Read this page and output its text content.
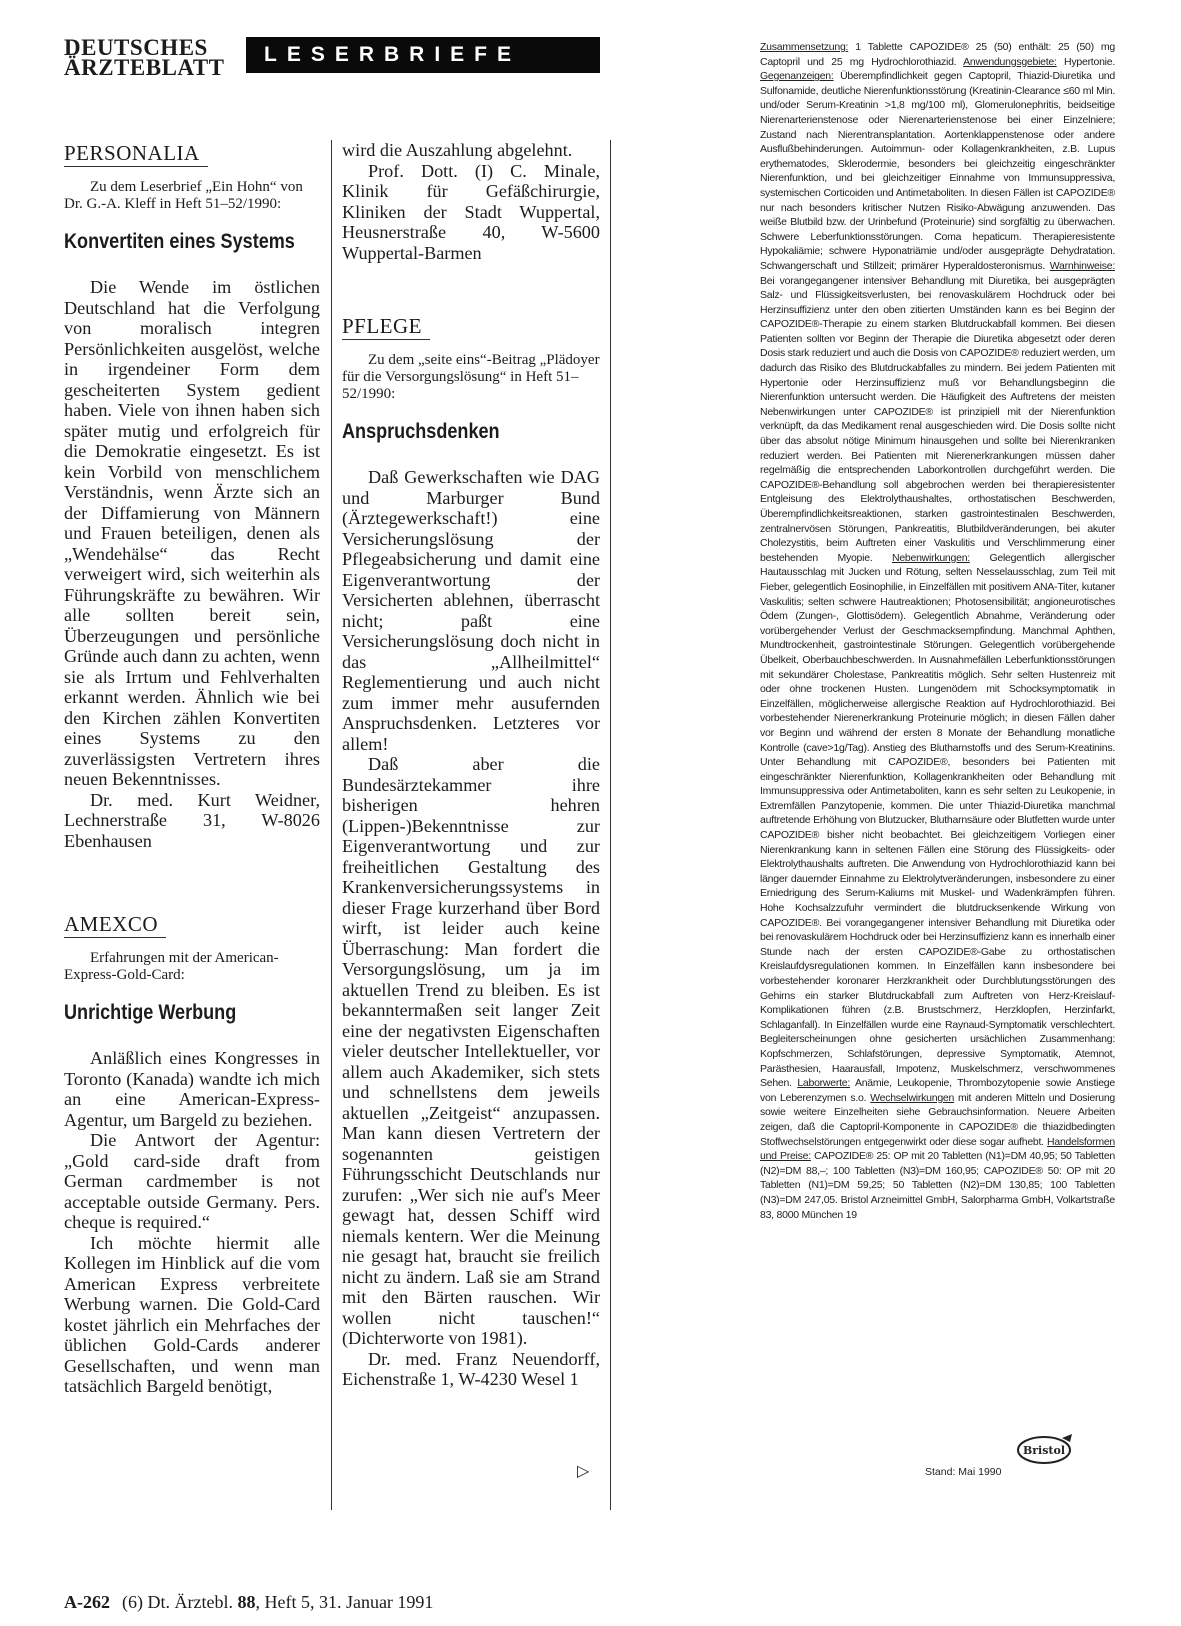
DEUTSCHES
ÄRZTEBLATT
LESERBRIEFE
PERSONALIA

Zu dem Leserbrief „Ein Hohn“ von Dr. G.-A. Kleff in Heft 51–52/1990:

Konvertiten eines Systems

Die Wende im östlichen Deutschland hat die Verfolgung von moralisch integren Persönlichkeiten ausgelöst, welche in irgendeiner Form dem gescheiterten System gedient haben. Viele von ihnen haben sich später mutig und erfolgreich für die Demokratie eingesetzt. Es ist kein Vorbild von menschlichem Verständnis, wenn Ärzte sich an der Diffamierung von Männern und Frauen beteiligen, denen als „Wendehälse“ das Recht verweigert wird, sich weiterhin als Führungskräfte zu bewähren. Wir alle sollten bereit sein, Überzeugungen und persönliche Gründe auch dann zu achten, wenn sie als Irrtum und Fehlverhalten erkannt werden. Ähnlich wie bei den Kirchen zählen Konvertiten eines Systems zu den zuverlässigsten Vertretern ihres neuen Bekenntnisses.

Dr. med. Kurt Weidner, Lechnerstraße 31, W-8026 Ebenhausen

AMEXCO

Erfahrungen mit der American-Express-Gold-Card:

Unrichtige Werbung

Anläßlich eines Kongresses in Toronto (Kanada) wandte ich mich an eine American-Express-Agentur, um Bargeld zu beziehen.

Die Antwort der Agentur: „Gold card-side draft from German cardmember is not acceptable outside Germany. Pers. cheque is required.“

Ich möchte hiermit alle Kollegen im Hinblick auf die vom American Express verbreitete Werbung warnen. Die Gold-Card kostet jährlich ein Mehrfaches der üblichen Gold-Cards anderer Gesellschaften, und wenn man tatsächlich Bargeld benötigt,

wird die Auszahlung abgelehnt.

Prof. Dott. (I) C. Minale, Klinik für Gefäßchirurgie, Kliniken der Stadt Wuppertal, Heusnerstraße 40, W-5600 Wuppertal-Barmen

PFLEGE

Zu dem „seite eins“-Beitrag „Plädoyer für die Versorgungslösung“ in Heft 51–52/1990:

Anspruchsdenken

Daß Gewerkschaften wie DAG und Marburger Bund (Ärztegewerkschaft!) eine Versicherungslösung der Pflegeabsicherung und damit eine Eigenverantwortung der Versicherten ablehnen, überrascht nicht; paßt eine Versicherungslösung doch nicht in das „Allheilmittel“ Reglementierung und auch nicht zum immer mehr ausufernden Anspruchsdenken. Letzteres vor allem!

Daß aber die Bundesärztekammer ihre bisherigen hehren (Lippen-)Bekenntnisse zur Eigenverantwortung und zur freiheitlichen Gestaltung des Krankenversicherungssystems in dieser Frage kurzerhand über Bord wirft, ist leider auch keine Überraschung: Man fordert die Versorgungslösung, um ja im aktuellen Trend zu bleiben. Es ist bekanntermaßen seit langer Zeit eine der negativsten Eigenschaften vieler deutscher Intellektueller, vor allem auch Akademiker, sich stets und schnellstens dem jeweils aktuellen „Zeitgeist“ anzupassen. Man kann diesen Vertretern der sogenannten geistigen Führungsschicht Deutschlands nur zurufen: „Wer sich nie auf's Meer gewagt hat, dessen Schiff wird niemals kentern. Wer die Meinung nie gesagt hat, braucht sie freilich nicht zu ändern. Laß sie am Strand mit den Bärten rauschen. Wir wollen nicht tauschen!“ (Dichterworte von 1981).

Dr. med. Franz Neuendorff, Eichenstraße 1, W-4230 Wesel 1

▷
Zusammensetzung: 1 Tablette CAPOZIDE® 25 (50) enthält: 25 (50) mg Captopril und 25 mg Hydrochlorothiazid. Anwendungsgebiete: Hypertonie. Gegenanzeigen: Überempfindlichkeit gegen Captopril, Thiazid-Diuretika und Sulfonamide, deutliche Nierenfunktionsstörung (Kreatinin-Clearance ≤60 ml Min. und/oder Serum-Kreatinin >1,8 mg/100 ml), Glomerulonephritis, beidseitige Nierenarterienstenose oder Nierenarterienstenose bei einer Einzelniere; Zustand nach Nierentransplantation. Aortenklappenstenose oder andere Ausflußbehinderungen. Autoimmun- oder Kollagenkrankheiten, z.B. Lupus erythematodes, Sklerodermie, besonders bei gleichzeitig eingeschränkter Nierenfunktion, und bei gleichzeitiger Einnahme von Immunsuppressiva, systemischen Corticoiden und Antimetaboliten. In diesen Fällen ist CAPOZIDE® nur nach besonders kritischer Nutzen Risiko-Abwägung anzuwenden. Das weiße Blutbild bzw. der Urinbefund (Proteinurie) sind sorgfältig zu überwachen. Schwere Leberfunktionsstörungen. Coma hepaticum. Therapieresistente Hypokaliämie; schwere Hyponatriämie und/oder ausgeprägte Dehydratation. Schwangerschaft und Stillzeit; primärer Hyperaldosteronismus. Warnhinweise: Bei vorangegangener intensiver Behandlung mit Diuretika, bei ausgeprägten Salz- und Flüssigkeitsverlusten, bei renovaskulärem Hochdruck oder bei Herzinsuffizienz unter den oben zitierten Umständen kann es bei Beginn der CAPOZIDE®-Therapie zu einem starken Blutdruckabfall kommen. Bei diesen Patienten sollten vor Beginn der Therapie die Diuretika abgesetzt oder deren Dosis stark reduziert und auch die Dosis von CAPOZIDE® reduziert werden, um dadurch das Risiko des Blutdruckabfalles zu mindern. Bei jedem Patienten mit Hypertonie oder Herzinsuffizienz muß vor Behandlungsbeginn die Nierenfunktion untersucht werden. Die Häufigkeit des Auftretens der meisten Nebenwirkungen unter CAPOZIDE® ist prinzipiell mit der Nierenfunktion verknüpft, da das Medikament renal ausgeschieden wird. Die Dosis sollte nicht über das absolut nötige Minimum hinausgehen und sollte bei Nierenkranken reduziert werden. Bei Patienten mit Nierenerkrankungen müssen daher regelmäßig die entsprechenden Laborkontrollen durchgeführt werden. Die CAPOZIDE®-Behandlung soll abgebrochen werden bei therapieresistenter Entgleisung des Elektrolythaushaltes, orthostatischen Beschwerden, Überempfindlichkeitsreaktionen, starken gastrointestinalen Beschwerden, zentralnervösen Störungen, Pankreatitis, Blutbildveränderungen, bei akuter Cholezystitis, beim Auftreten einer Vaskulitis und Verschlimmerung einer bestehenden Myopie. Nebenwirkungen: Gelegentlich allergischer Hautausschlag mit Jucken und Rötung, selten Nesselausschlag, zum Teil mit Fieber, gelegentlich Eosinophilie, in Einzelfällen mit positivem ANA-Titer, kutaner Vaskulitis; selten schwere Hautreaktionen; Photosensibilität; angioneurotisches Ödem (Zungen-, Glottisödem). Gelegentlich Abnahme, Veränderung oder vorübergehender Verlust der Geschmacksempfindung. Manchmal Aphthen, Mundtrockenheit, gastrointestinale Störungen. Gelegentlich vorübergehende Übelkeit, Oberbauchbeschwerden. In Ausnahmefällen Leberfunktionsstörungen mit sekundärer Cholestase, Pankreatitis möglich. Sehr selten Hustenreiz mit oder ohne trockenen Husten. Lungenödem mit Schocksymptomatik in Einzelfällen, möglicherweise allergische Reaktion auf Hydrochlorothiazid. Bei vorbestehender Nierenerkrankung Proteinurie möglich; in diesen Fällen daher vor Beginn und während der ersten 8 Monate der Behandlung monatliche Kontrolle (cave>1g/Tag). Anstieg des Blutharnstoffs und des Serum-Kreatinins. Unter Behandlung mit CAPOZIDE®, besonders bei Patienten mit eingeschränkter Nierenfunktion, Kollagenkrankheiten oder Behandlung mit Immunsuppressiva oder Antimetaboliten, kann es sehr selten zu Leukopenie, in Extremfällen Panzytopenie, kommen. Die unter Thiazid-Diuretika manchmal auftretende Erhöhung von Blutzucker, Blutharnsäure oder Blutfetten wurde unter CAPOZIDE® bisher nicht beobachtet. Bei gleichzeitigem Vorliegen einer Nierenkrankung kann in seltenen Fällen eine Störung des Flüssigkeits- oder Elektrolythaushalts auftreten. Die Anwendung von Hydrochlorothiazid kann bei länger dauernder Einnahme zu Elektrolytveränderungen, insbesondere zu einer Erniedrigung des Serum-Kaliums mit Muskel- und Wadenkrämpfen führen. Hohe Kochsalzzufuhr vermindert die blutdrucksenkende Wirkung von CAPOZIDE®. Bei vorangegangener intensiver Behandlung mit Diuretika oder bei renovaskulärem Hochdruck oder bei Herzinsuffizienz kann es innerhalb einer Stunde nach der ersten CAPOZIDE®-Gabe zu orthostatischen Kreislaufdysregulationen kommen. In Einzelfällen kann insbesondere bei vorbestehender koronarer Herzkrankheit oder Durchblutungsstörungen des Gehirns ein starker Blutdruckabfall zum Auftreten von Herz-Kreislauf-Komplikationen führen (z.B. Brustschmerz, Herzklopfen, Herzinfarkt, Schlaganfall). In Einzelfällen wurde eine Raynaud-Symptomatik verschlechtert. Begleiterscheinungen ohne gesicherten ursächlichen Zusammenhang: Kopfschmerzen, Schlafstörungen, depressive Symptomatik, Atemnot, Parästhesien, Haarausfall, Impotenz, Muskelschmerz, verschwommenes Sehen. Laborwerte: Anämie, Leukopenie, Thrombozytopenie sowie Anstiege von Leberenzymen s.o. Wechselwirkungen mit anderen Mitteln und Dosierung sowie weitere Einzelheiten siehe Gebrauchsinformation. Neuere Arbeiten zeigen, daß die Captopril-Komponente in CAPOZIDE® die thiazidbedingten Stoffwechselstörungen entgegenwirkt oder diese sogar aufhebt. Handelsformen und Preise: CAPOZIDE® 25: OP mit 20 Tabletten (N1)=DM 40,95; 50 Tabletten (N2)=DM 88,–; 100 Tabletten (N3)=DM 160,95; CAPOZIDE® 50: OP mit 20 Tabletten (N1)=DM 59,25; 50 Tabletten (N2)=DM 130,85; 100 Tabletten (N3)=DM 247,05. Bristol Arzneimittel GmbH, Salorpharma GmbH, Volkartstraße 83, 8000 München 19
Stand: Mai 1990
Bristol
A-262 (6) Dt. Ärztebl. 88, Heft 5, 31. Januar 1991
